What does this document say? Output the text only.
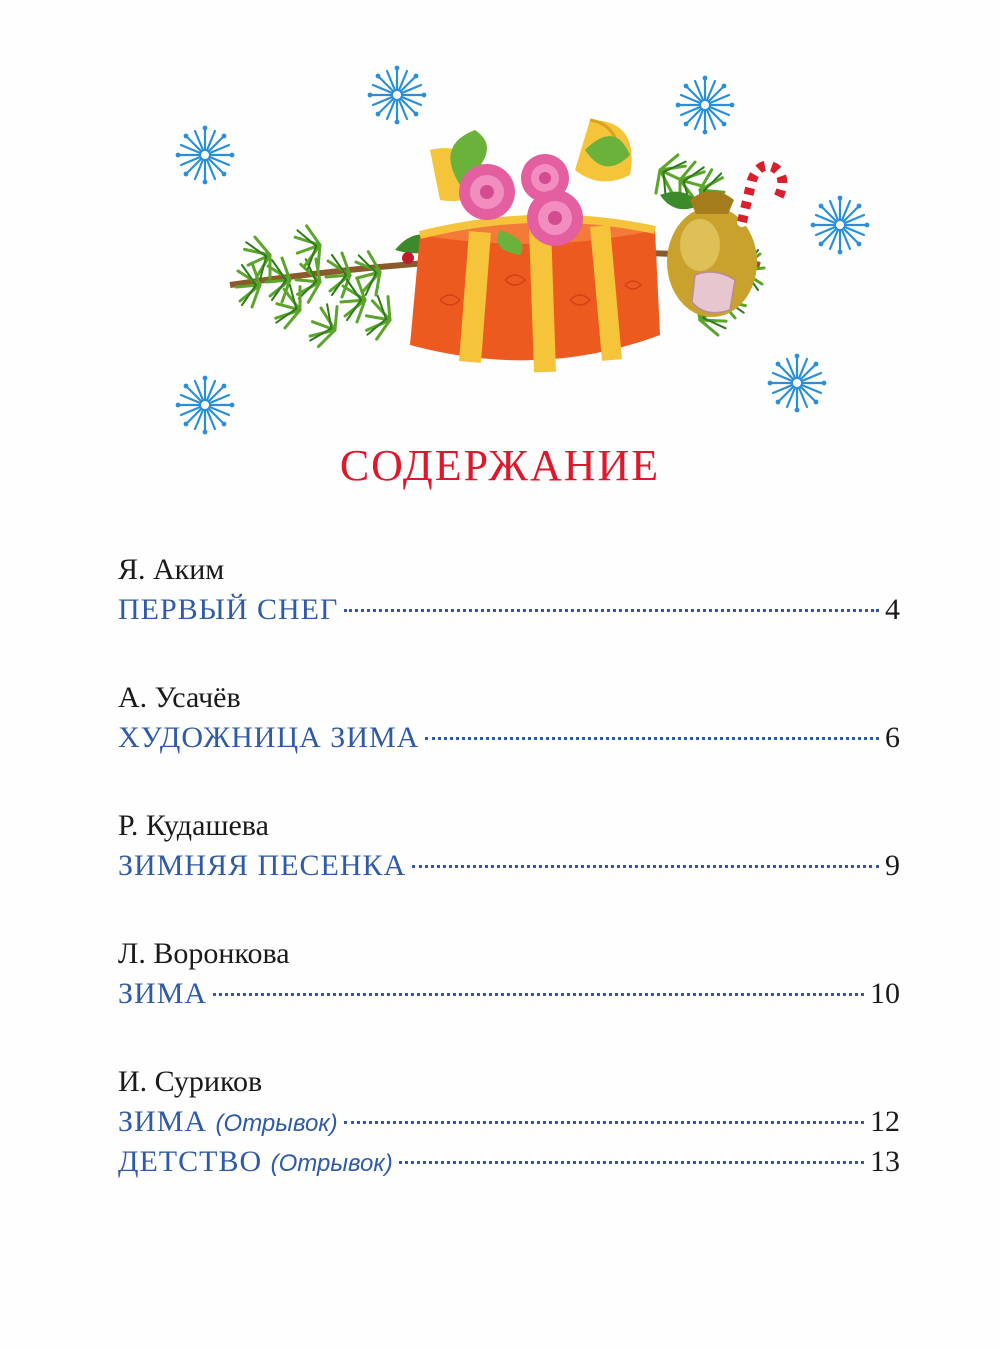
СОДЕРЖАНИЕ
Я. Аким
ПЕРВЫЙ СНЕГ	4
А. Усачёв
ХУДОЖНИЦА ЗИМА	6
Р. Кудашева
ЗИМНЯЯ ПЕСЕНКА	9
Л. Воронкова
ЗИМА	10
И. Суриков
ЗИМА (Отрывок)	12
ДЕТСТВО (Отрывок)	13
